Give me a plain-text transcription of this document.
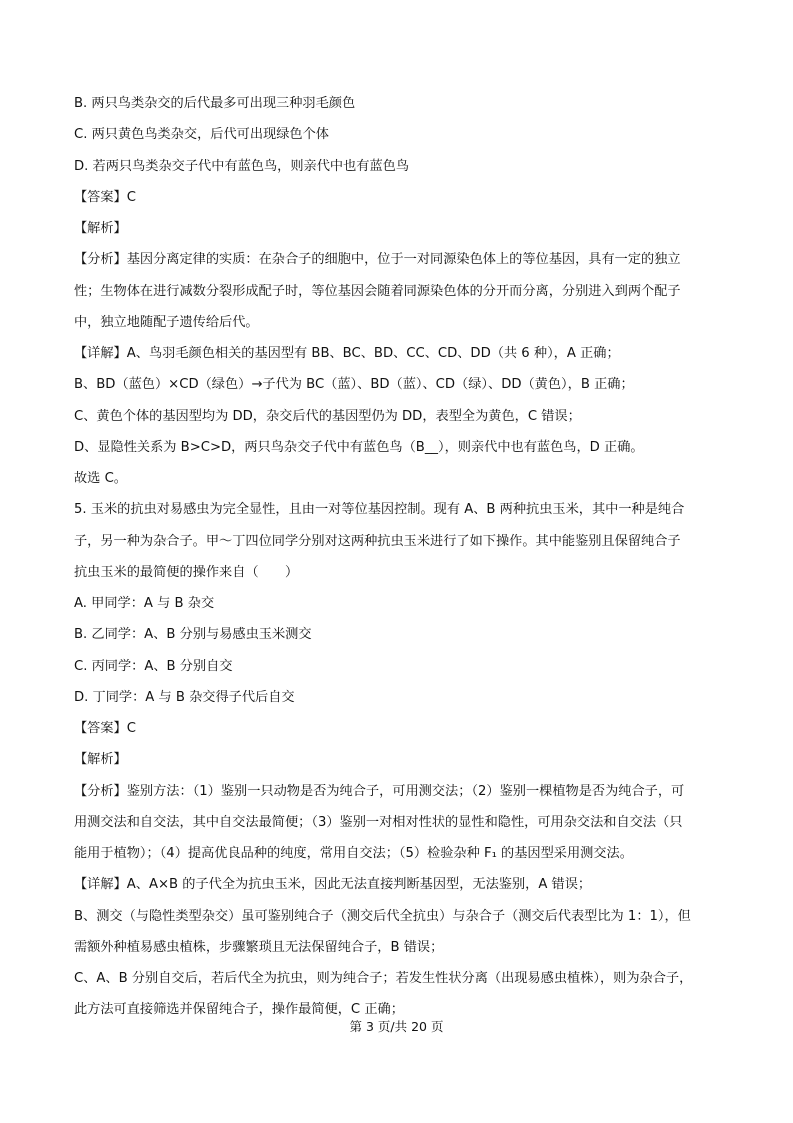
B. 两只鸟类杂交的后代最多可出现三种羽毛颜色
C. 两只黄色鸟类杂交，后代可出现绿色个体
D. 若两只鸟类杂交子代中有蓝色鸟，则亲代中也有蓝色鸟
【答案】C
【解析】
【分析】基因分离定律的实质：在杂合子的细胞中，位于一对同源染色体上的等位基因，具有一定的独立
性；生物体在进行减数分裂形成配子时，等位基因会随着同源染色体的分开而分离，分别进入到两个配子
中，独立地随配子遗传给后代。
【详解】A、鸟羽毛颜色相关的基因型有 BB、BC、BD、CC、CD、DD（共 6 种），A 正确；
B、BD（蓝色）×CD（绿色）→子代为 BC（蓝）、BD（蓝）、CD（绿）、DD（黄色），B 正确；
C、黄色个体的基因型均为 DD，杂交后代的基因型仍为 DD，表型全为黄色，C 错误；
D、显隐性关系为 B>C>D，两只鸟杂交子代中有蓝色鸟（B__），则亲代中也有蓝色鸟，D 正确。
故选 C。
5. 玉米的抗虫对易感虫为完全显性，且由一对等位基因控制。现有 A、B 两种抗虫玉米，其中一种是纯合
子，另一种为杂合子。甲～丁四位同学分别对这两种抗虫玉米进行了如下操作。其中能鉴别且保留纯合子
抗虫玉米的最简便的操作来自（　　）
A. 甲同学：A 与 B 杂交
B. 乙同学：A、B 分别与易感虫玉米测交
C. 丙同学：A、B 分别自交
D. 丁同学：A 与 B 杂交得子代后自交
【答案】C
【解析】
【分析】鉴别方法：（1）鉴别一只动物是否为纯合子，可用测交法；（2）鉴别一棵植物是否为纯合子，可
用测交法和自交法，其中自交法最简便；（3）鉴别一对相对性状的显性和隐性，可用杂交法和自交法（只
能用于植物）；（4）提高优良品种的纯度，常用自交法；（5）检验杂种 F₁ 的基因型采用测交法。
【详解】A、A×B 的子代全为抗虫玉米，因此无法直接判断基因型，无法鉴别，A 错误；
B、测交（与隐性类型杂交）虽可鉴别纯合子（测交后代全抗虫）与杂合子（测交后代表型比为 1：1），但
需额外种植易感虫植株，步骤繁琐且无法保留纯合子，B 错误；
C、A、B 分别自交后，若后代全为抗虫，则为纯合子；若发生性状分离（出现易感虫植株），则为杂合子，
此方法可直接筛选并保留纯合子，操作最简便，C 正确；
第 3 页/共 20 页
